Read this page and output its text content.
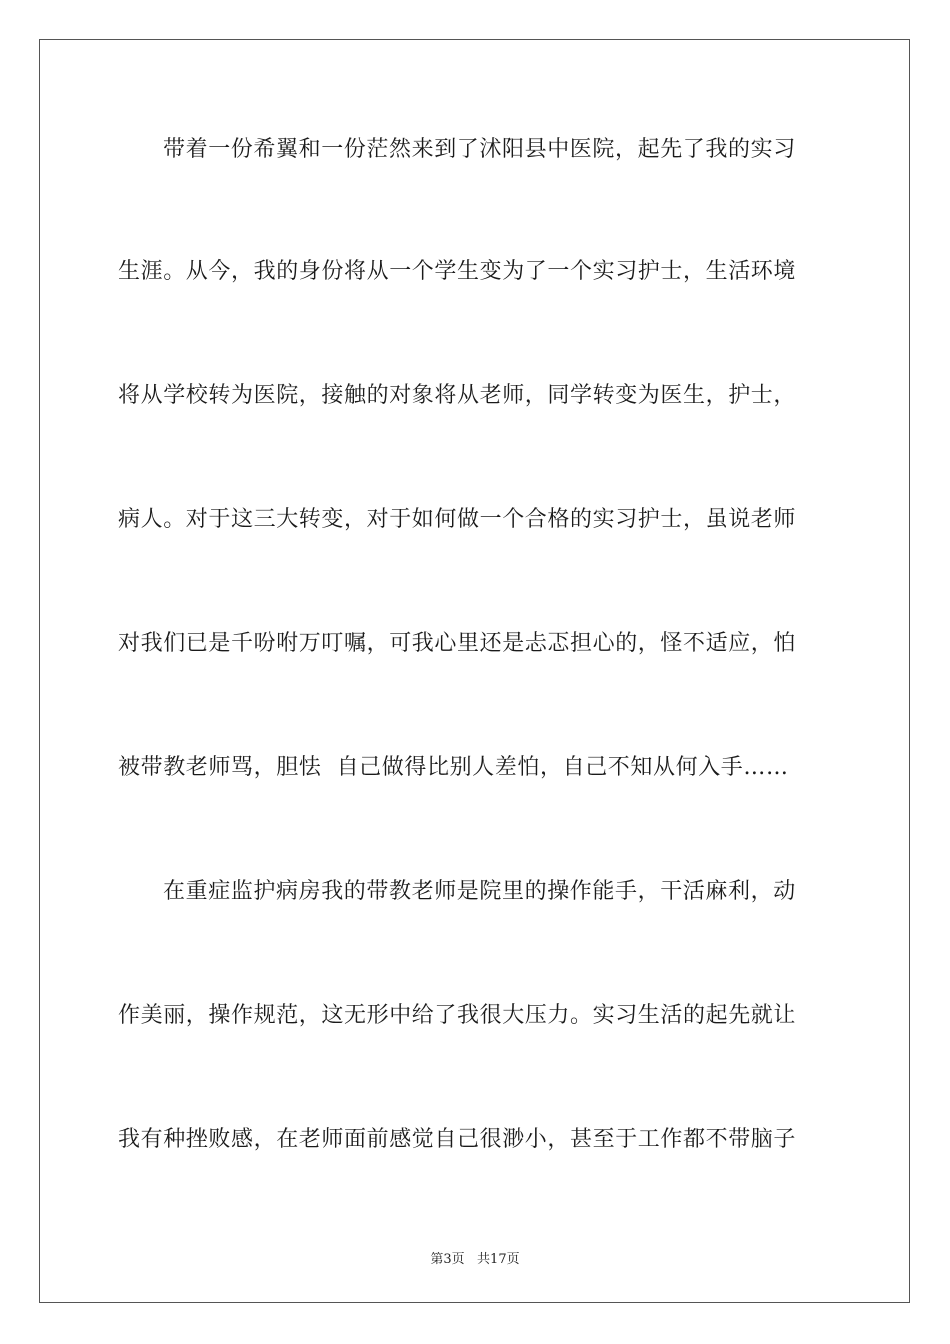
带着一份希翼和一份茫然来到了沭阳县中医院，起先了我的实习
生涯。从今，我的身份将从一个学生变为了一个实习护士，生活环境
将从学校转为医院，接触的对象将从老师，同学转变为医生，护士，
病人。对于这三大转变，对于如何做一个合格的实习护士，虽说老师
对我们已是千吩咐万叮嘱，可我心里还是忐忑担心的，怪不适应，怕
被带教老师骂，胆怯  自己做得比别人差怕，自己不知从何入手……
在重症监护病房我的带教老师是院里的操作能手，干活麻利，动
作美丽，操作规范，这无形中给了我很大压力。实习生活的起先就让
我有种挫败感，在老师面前感觉自己很渺小，甚至于工作都不带脑子
第3页   共17页
